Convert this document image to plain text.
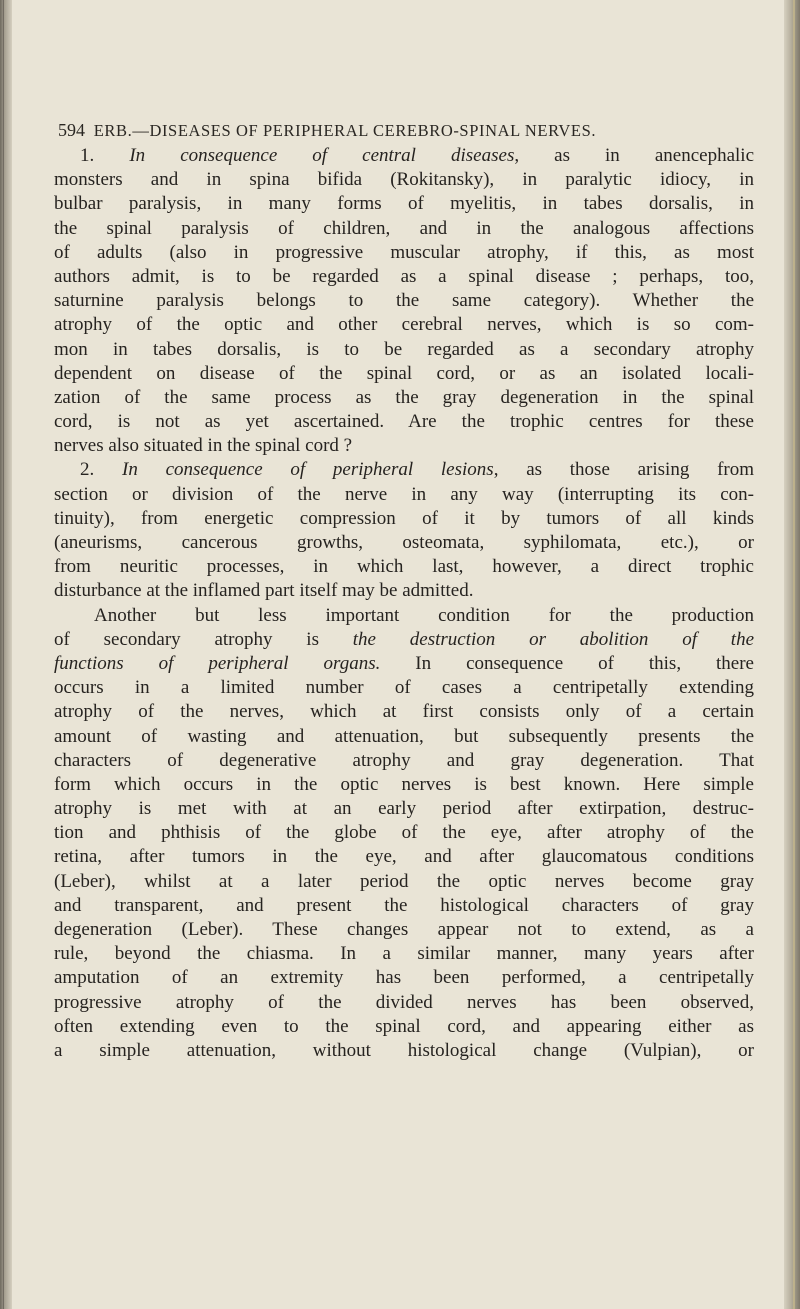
594 ERB.—DISEASES OF PERIPHERAL CEREBRO-SPINAL NERVES.
1. In consequence of central diseases, as in anencephalic
monsters and in spina bifida (Rokitansky), in paralytic idiocy, in
bulbar paralysis, in many forms of myelitis, in tabes dorsalis, in
the spinal paralysis of children, and in the analogous affections
of adults (also in progressive muscular atrophy, if this, as most
authors admit, is to be regarded as a spinal disease ; perhaps, too,
saturnine paralysis belongs to the same category). Whether the
atrophy of the optic and other cerebral nerves, which is so com-
mon in tabes dorsalis, is to be regarded as a secondary atrophy
dependent on disease of the spinal cord, or as an isolated locali-
zation of the same process as the gray degeneration in the spinal
cord, is not as yet ascertained. Are the trophic centres for these
nerves also situated in the spinal cord ?
2. In consequence of peripheral lesions, as those arising from
section or division of the nerve in any way (interrupting its con-
tinuity), from energetic compression of it by tumors of all kinds
(aneurisms, cancerous growths, osteomata, syphilomata, etc.), or
from neuritic processes, in which last, however, a direct trophic
disturbance at the inflamed part itself may be admitted.
Another but less important condition for the production
of secondary atrophy is the destruction or abolition of the
functions of peripheral organs. In consequence of this, there
occurs in a limited number of cases a centripetally extending
atrophy of the nerves, which at first consists only of a certain
amount of wasting and attenuation, but subsequently presents the
characters of degenerative atrophy and gray degeneration. That
form which occurs in the optic nerves is best known. Here simple
atrophy is met with at an early period after extirpation, destruc-
tion and phthisis of the globe of the eye, after atrophy of the
retina, after tumors in the eye, and after glaucomatous conditions
(Leber), whilst at a later period the optic nerves become gray
and transparent, and present the histological characters of gray
degeneration (Leber). These changes appear not to extend, as a
rule, beyond the chiasma. In a similar manner, many years after
amputation of an extremity has been performed, a centripetally
progressive atrophy of the divided nerves has been observed,
often extending even to the spinal cord, and appearing either as
a simple attenuation, without histological change (Vulpian), or
